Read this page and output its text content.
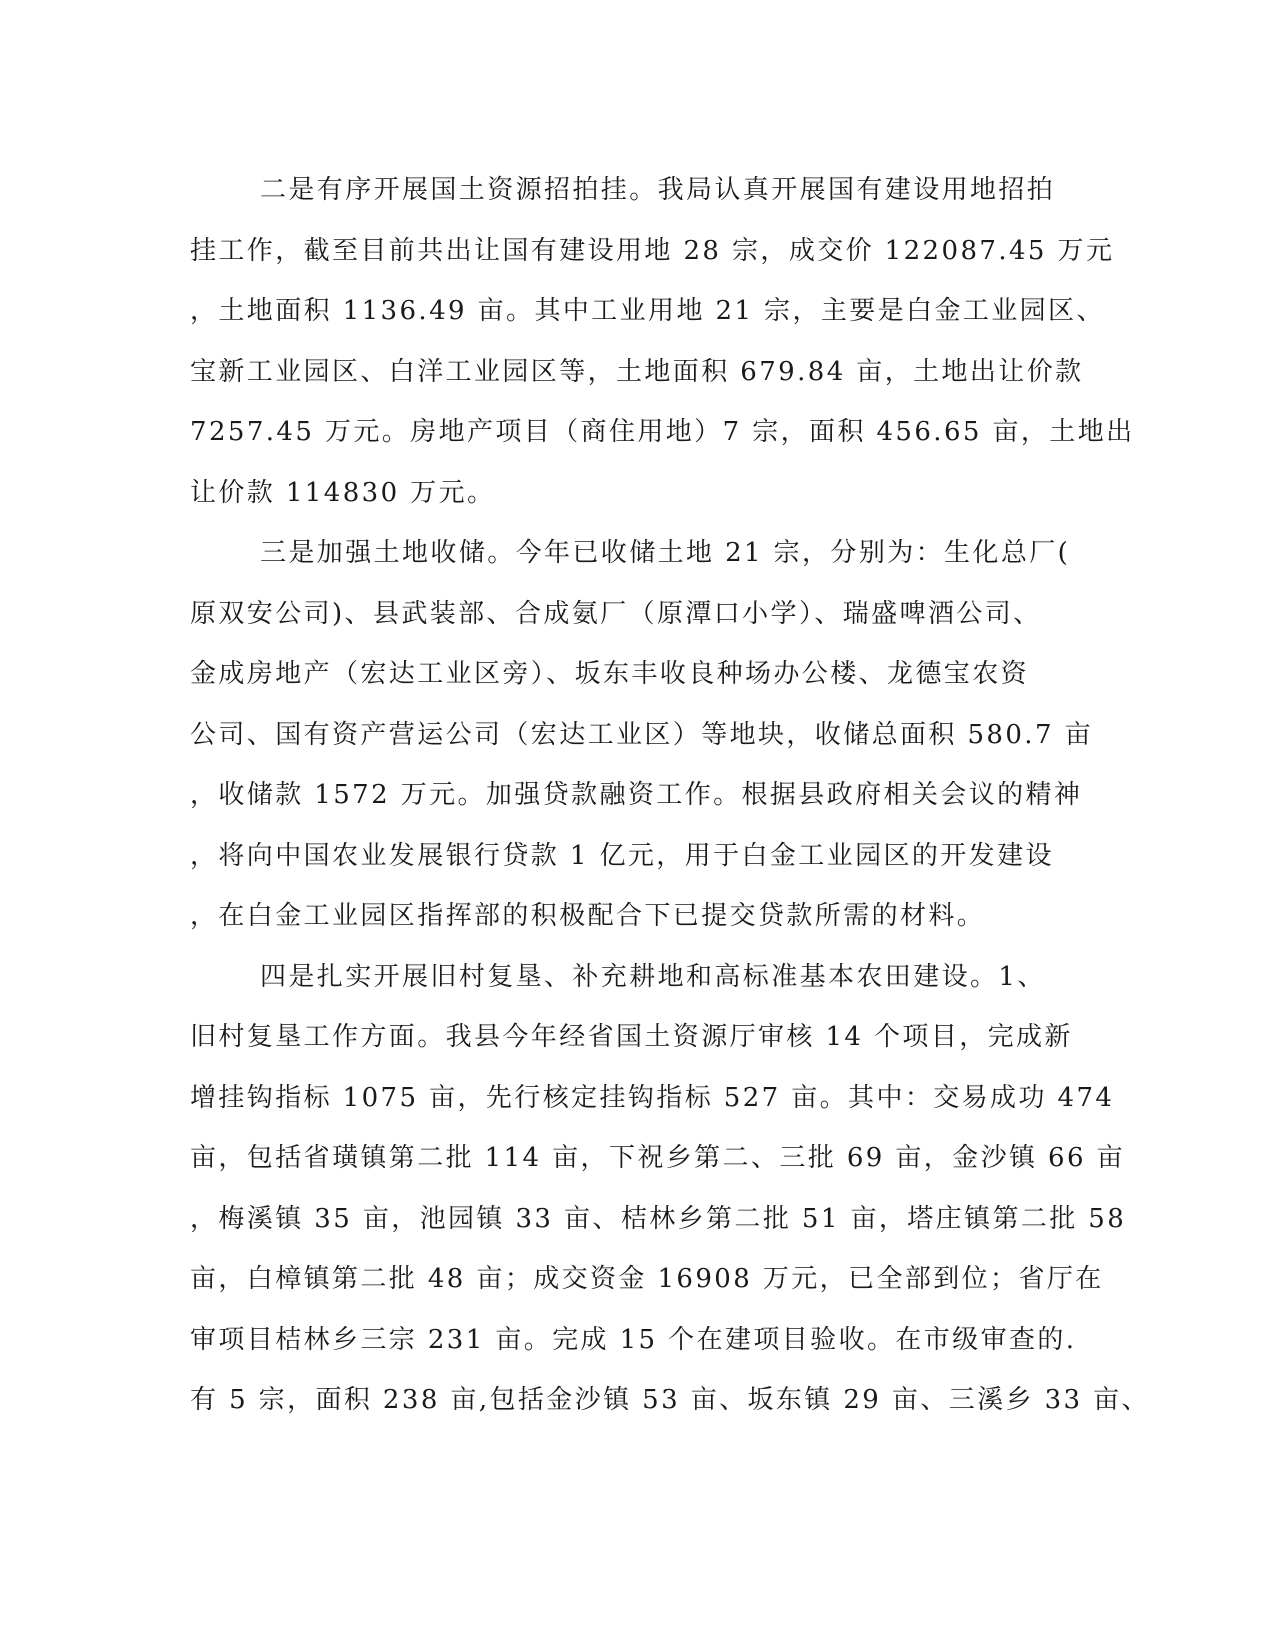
二是有序开展国土资源招拍挂。我局认真开展国有建设用地招拍
挂工作，截至目前共出让国有建设用地 28 宗，成交价 122087.45 万元
，土地面积 1136.49 亩。其中工业用地 21 宗，主要是白金工业园区、
宝新工业园区、白洋工业园区等，土地面积 679.84 亩，土地出让价款
7257.45 万元。房地产项目（商住用地）7 宗，面积 456.65 亩，土地出
让价款 114830 万元。
三是加强土地收储。今年已收储土地 21 宗，分别为：生化总厂(
原双安公司)、县武装部、合成氨厂（原潭口小学）、瑞盛啤酒公司、
金成房地产（宏达工业区旁）、坂东丰收良种场办公楼、龙德宝农资
公司、国有资产营运公司（宏达工业区）等地块，收储总面积 580.7 亩
，收储款 1572 万元。加强贷款融资工作。根据县政府相关会议的精神
，将向中国农业发展银行贷款 1 亿元，用于白金工业园区的开发建设
，在白金工业园区指挥部的积极配合下已提交贷款所需的材料。
四是扎实开展旧村复垦、补充耕地和高标准基本农田建设。1、
旧村复垦工作方面。我县今年经省国土资源厅审核 14 个项目，完成新
增挂钩指标 1075 亩，先行核定挂钩指标 527 亩。其中：交易成功 474
亩，包括省璜镇第二批 114 亩，下祝乡第二、三批 69 亩，金沙镇 66 亩
，梅溪镇 35 亩，池园镇 33 亩、桔林乡第二批 51 亩，塔庄镇第二批 58
亩，白樟镇第二批 48 亩；成交资金 16908 万元，已全部到位；省厅在
审项目桔林乡三宗 231 亩。完成 15 个在建项目验收。在市级审查的.
有 5 宗，面积 238 亩,包括金沙镇 53 亩、坂东镇 29 亩、三溪乡 33 亩、
